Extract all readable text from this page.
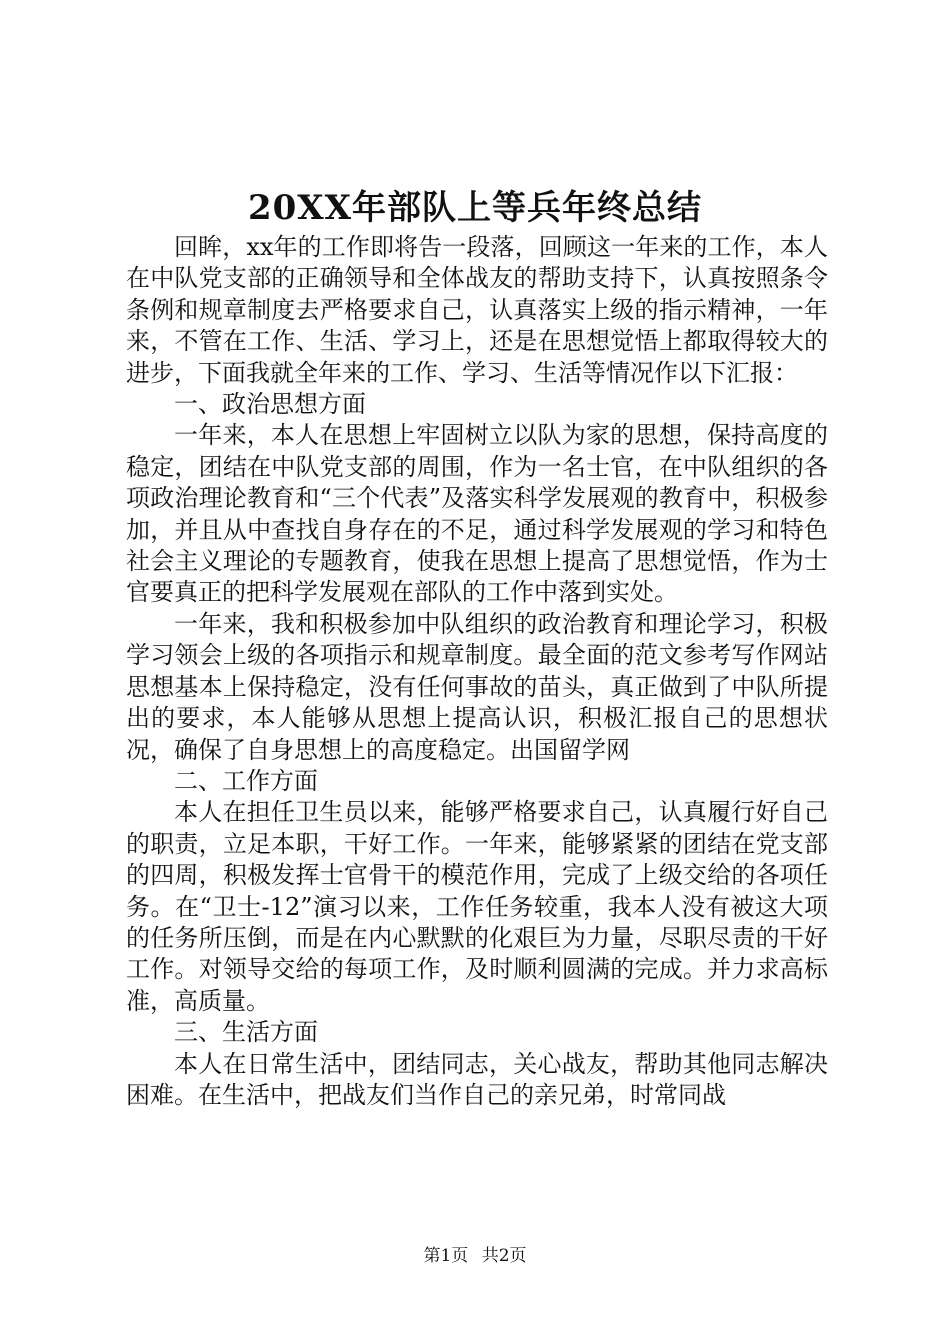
20XX年部队上等兵年终总结

回眸，xx年的工作即将告一段落，回顾这一年来的工作，本人在中队党支部的正确领导和全体战友的帮助支持下，认真按照条令条例和规章制度去严格要求自己，认真落实上级的指示精神，一年来，不管在工作、生活、学习上，还是在思想觉悟上都取得较大的进步，下面我就全年来的工作、学习、生活等情况作以下汇报：

一、政治思想方面

一年来，本人在思想上牢固树立以队为家的思想，保持高度的稳定，团结在中队党支部的周围，作为一名士官，在中队组织的各项政治理论教育和“三个代表”及落实科学发展观的教育中，积极参加，并且从中查找自身存在的不足，通过科学发展观的学习和特色社会主义理论的专题教育，使我在思想上提高了思想觉悟，作为士官要真正的把科学发展观在部队的工作中落到实处。

一年来，我和积极参加中队组织的政治教育和理论学习，积极学习领会上级的各项指示和规章制度。最全面的范文参考写作网站思想基本上保持稳定，没有任何事故的苗头，真正做到了中队所提出的要求，本人能够从思想上提高认识，积极汇报自己的思想状况，确保了自身思想上的高度稳定。出国留学网

二、工作方面

本人在担任卫生员以来，能够严格要求自己，认真履行好自己的职责，立足本职，干好工作。一年来，能够紧紧的团结在党支部的四周，积极发挥士官骨干的模范作用，完成了上级交给的各项任务。在“卫士-12”演习以来，工作任务较重，我本人没有被这大项的任务所压倒，而是在内心默默的化艰巨为力量，尽职尽责的干好工作。对领导交给的每项工作，及时顺利圆满的完成。并力求高标准，高质量。

三、生活方面

本人在日常生活中，团结同志，关心战友，帮助其他同志解决困难。在生活中，把战友们当作自己的亲兄弟，时常同战

第1页 共2页
